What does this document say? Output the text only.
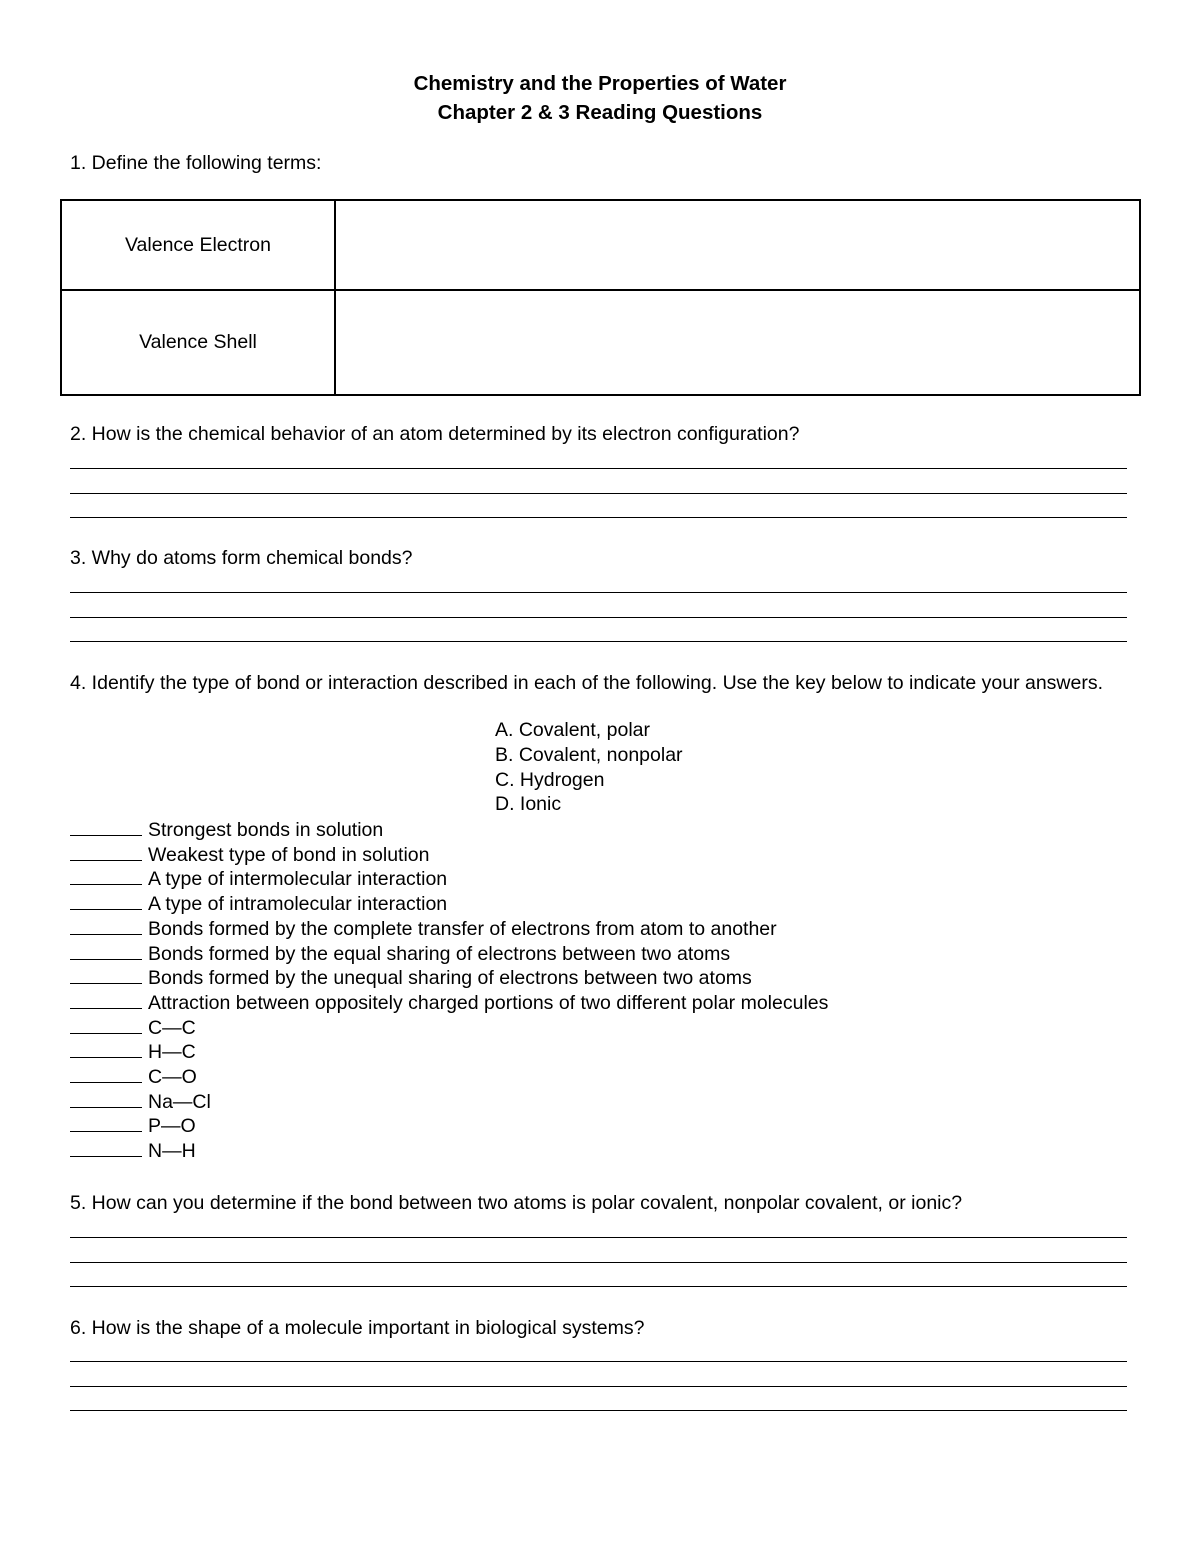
Chemistry and the Properties of Water
Chapter 2 & 3 Reading Questions
1. Define the following terms:
Valence Electron	
Valence Shell	
2. How is the chemical behavior of an atom determined by its electron configuration?
3. Why do atoms form chemical bonds?
4. Identify the type of bond or interaction described in each of the following. Use the key below to indicate your answers.
A. Covalent, polar
B. Covalent, nonpolar
C. Hydrogen
D. Ionic
Strongest bonds in solution
Weakest type of bond in solution
A type of intermolecular interaction
A type of intramolecular interaction
Bonds formed by the complete transfer of electrons from atom to another
Bonds formed by the equal sharing of electrons between two atoms
Bonds formed by the unequal sharing of electrons between two atoms
Attraction between oppositely charged portions of two different polar molecules
C—C
H—C
C—O
Na—Cl
P—O
N—H
5. How can you determine if the bond between two atoms is polar covalent, nonpolar covalent, or ionic?
6. How is the shape of a molecule important in biological systems?
